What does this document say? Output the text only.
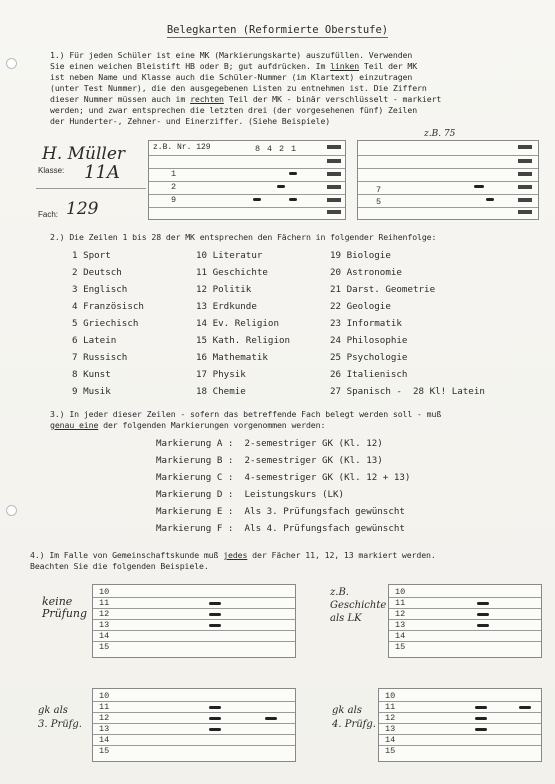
Belegkarten (Reformierte Oberstufe)
1.) Für jeden Schüler ist eine MK (Markierungskarte) auszufüllen. Verwenden
Sie einen weichen Bleistift HB oder B; gut aufdrücken. Im linken Teil der MK
ist neben Name und Klasse auch die Schüler-Nummer (im Klartext) einzutragen
(unter Test Nummer), die den ausgegebenen Listen zu entnehmen ist. Die Ziffern
dieser Nummer müssen auch im rechten Teil der MK - binär verschlüsselt - markiert
werden; und zwar entsprechen die letzten drei (der vorgesehenen fünf) Zeilen
der Hunderter-, Zehner- und Einerziffer. (Siehe Beispiele)
H. Müller
Klasse: 11A
Fach: 129
z.B. Nr. 129	8 4 2 1
1
2
9
z.B. 75
7
5
2.) Die Zeilen 1 bis 28 der MK entsprechen den Fächern in folgender Reihenfolge:
1 Sport
2 Deutsch
3 Englisch
4 Französisch
5 Griechisch
6 Latein
7 Russisch
8 Kunst
9 Musik
10 Literatur
11 Geschichte
12 Politik
13 Erdkunde
14 Ev. Religion
15 Kath. Religion
16 Mathematik
17 Physik
18 Chemie
19 Biologie
20 Astronomie
21 Darst. Geometrie
22 Geologie
23 Informatik
24 Philosophie
25 Psychologie
26 Italienisch
27 Spanisch -  28 Kl! Latein
3.) In jeder dieser Zeilen - sofern das betreffende Fach belegt werden soll - muß
genau eine der folgenden Markierungen vorgenommen werden:
Markierung A :  2-semestriger GK (Kl. 12)
Markierung B :  2-semestriger GK (Kl. 13)
Markierung C :  4-semestriger GK (Kl. 12 + 13)
Markierung D :  Leistungskurs (LK)
Markierung E :  Als 3. Prüfungsfach gewünscht
Markierung F :  Als 4. Prüfungsfach gewünscht
4.) Im Falle von Gemeinschaftskunde muß jedes der Fächer 11, 12, 13 markiert werden.
Beachten Sie die folgenden Beispiele.
keine Prüfung
10
11
12
13
14
15
z.B.
Geschichte
als LK
10
11
12
13
14
15
gk als
3. Prüfg.
10
11
12
13
14
15
gk als
4. Prüfg.
10
11
12
13
14
15
